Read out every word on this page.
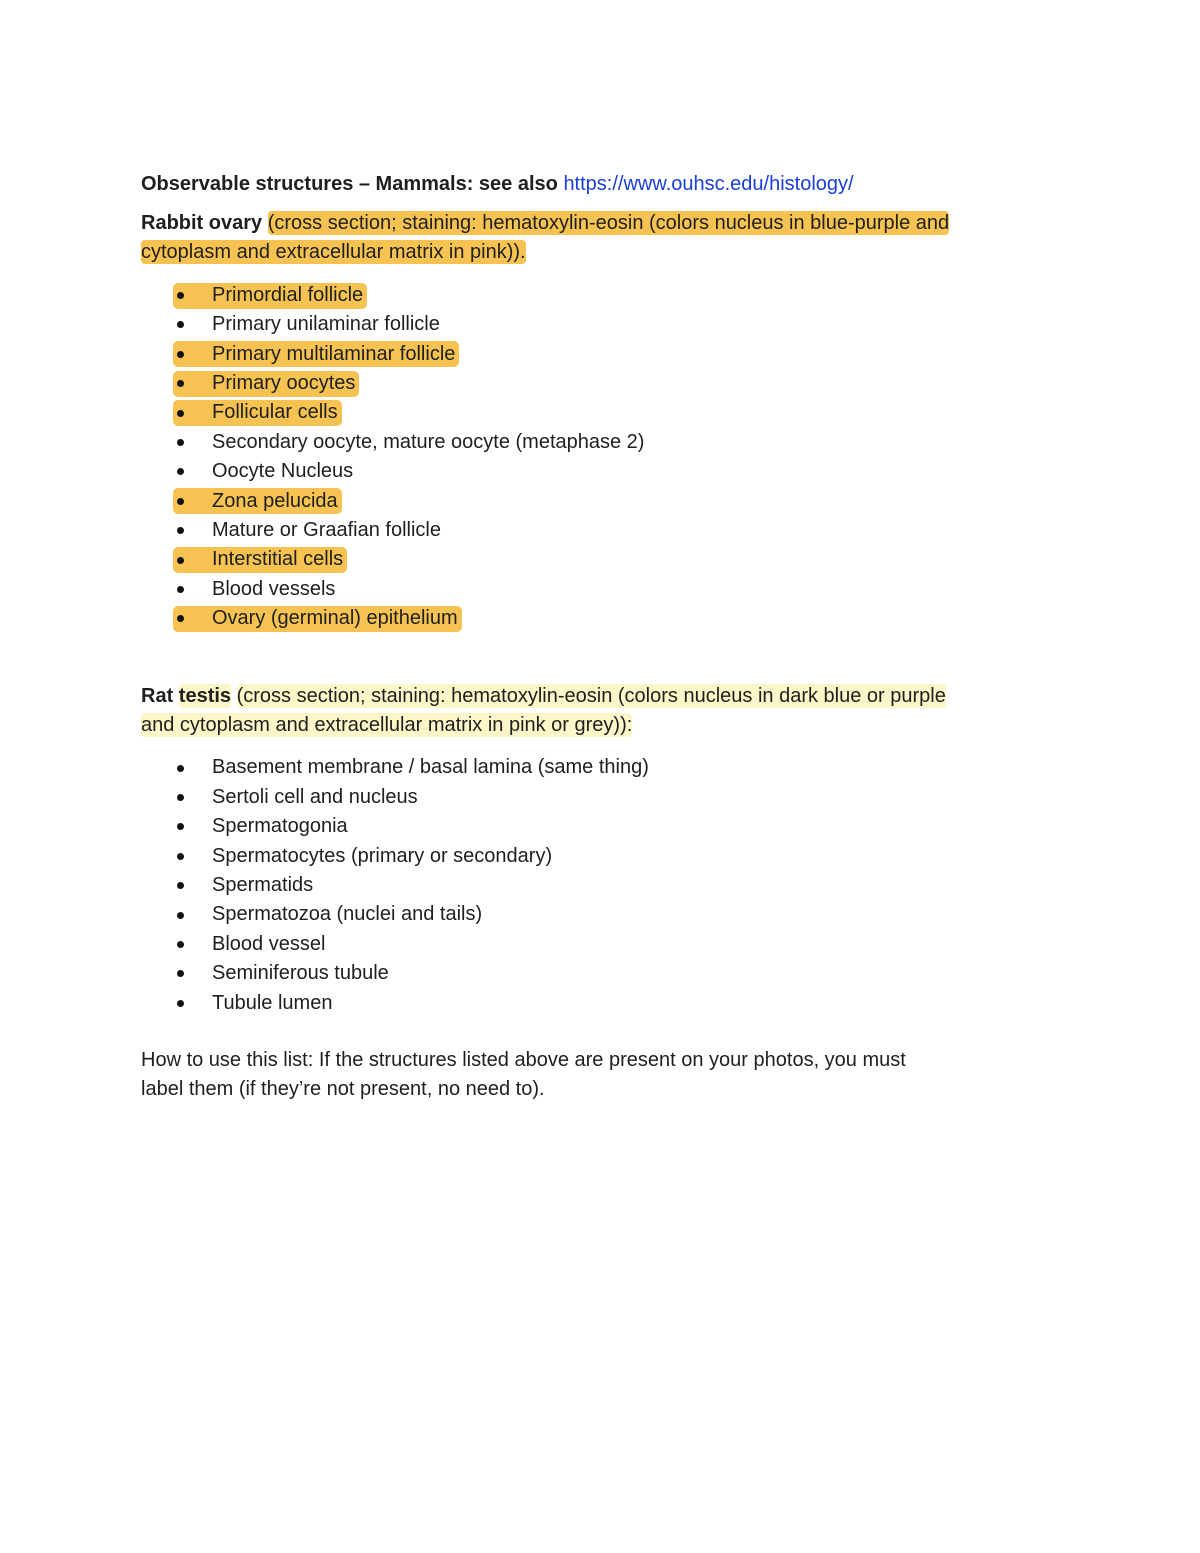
Observable structures – Mammals: see also https://www.ouhsc.edu/histology/

Rabbit ovary (cross section; staining: hematoxylin-eosin (colors nucleus in blue-purple and
cytoplasm and extracellular matrix in pink)).

Primordial follicle
Primary unilaminar follicle
Primary multilaminar follicle
Primary oocytes
Follicular cells
Secondary oocyte, mature oocyte (metaphase 2)
Oocyte Nucleus
Zona pelucida
Mature or Graafian follicle
Interstitial cells
Blood vessels
Ovary (germinal) epithelium

Rat testis (cross section; staining: hematoxylin-eosin (colors nucleus in dark blue or purple
and cytoplasm and extracellular matrix in pink or grey)):

Basement membrane / basal lamina (same thing)
Sertoli cell and nucleus
Spermatogonia
Spermatocytes (primary or secondary)
Spermatids
Spermatozoa (nuclei and tails)
Blood vessel
Seminiferous tubule
Tubule lumen

How to use this list: If the structures listed above are present on your photos, you must
label them (if they’re not present, no need to).
